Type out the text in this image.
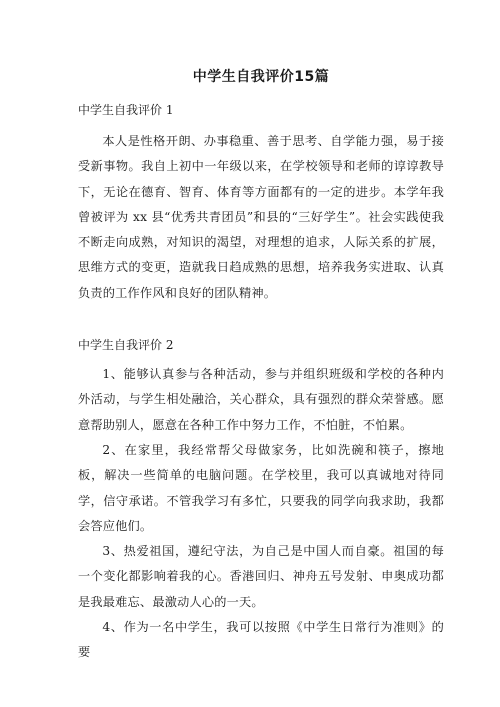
中学生自我评价15篇
中学生自我评价 1

本人是性格开朗、办事稳重、善于思考、自学能力强，易于接受新事物。我自上初中一年级以来，在学校领导和老师的谆谆教导下，无论在德育、智育、体育等方面都有的一定的进步。本学年我曾被评为 xx 县“优秀共青团员”和县的“三好学生”。社会实践使我不断走向成熟，对知识的渴望，对理想的追求，人际关系的扩展，思维方式的变更，造就我日趋成熟的思想，培养我务实进取、认真负责的工作作风和良好的团队精神。

中学生自我评价 2

1、能够认真参与各种活动，参与并组织班级和学校的各种内外活动，与学生相处融洽，关心群众，具有强烈的群众荣誉感。愿意帮助别人，愿意在各种工作中努力工作，不怕脏，不怕累。

2、在家里，我经常帮父母做家务，比如洗碗和筷子，擦地板，解决一些简单的电脑问题。在学校里，我可以真诚地对待同学，信守承诺。不管我学习有多忙，只要我的同学向我求助，我都会答应他们。

3、热爱祖国，遵纪守法，为自己是中国人而自豪。祖国的每一个变化都影响着我的心。香港回归、神舟五号发射、申奥成功都是我最难忘、最激动人心的一天。

4、作为一名中学生，我可以按照《中学生日常行为准则》的要
